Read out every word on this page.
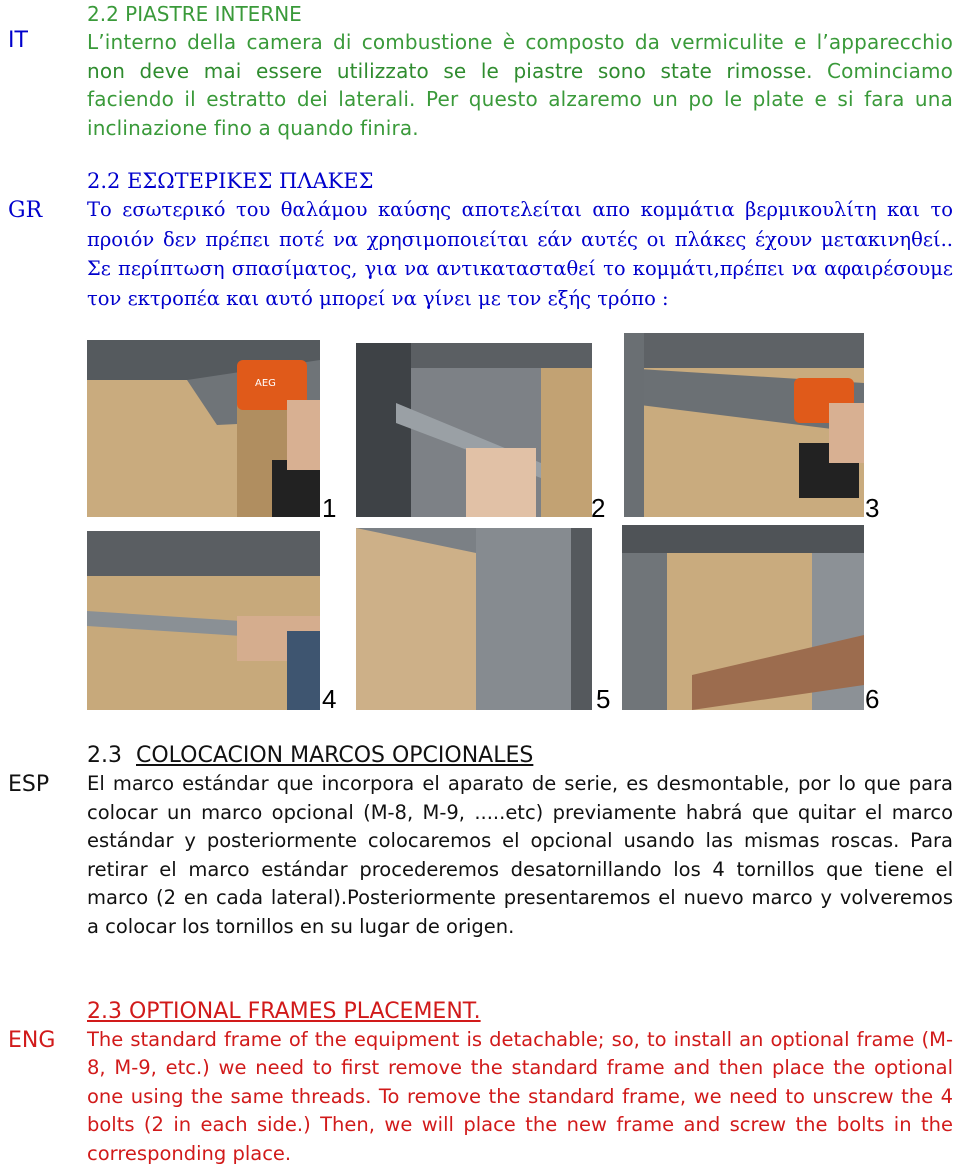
IT
2.2 PIASTRE INTERNE
L’interno della camera di combustione è composto da vermiculite e l’apparecchio non deve mai essere utilizzato se le piastre sono state rimosse. Cominciamo faciendo il estratto dei laterali. Per questo alzaremo un po le plate e si fara una inclinazione fino a quando finira.
GR
2.2 ΕΣΩΤΕΡΙΚΕΣ ΠΛΑΚΕΣ
Το εσωτερικό του θαλάμου καύσης αποτελείται απο κομμάτια βερμικουλίτη και το προιόν δεν πρέπει ποτέ να χρησιμοποιείται εάν αυτές οι πλάκες έχουν μετακινηθεί.. Σε περίπτωση σπασίματος, για να αντικατασταθεί το κομμάτι,πρέπει να αφαιρέσουμε τον εκτροπέα και αυτό μπορεί να γίνει με τον εξής τρόπο :
AEG
1	2	3
4	5	6
ESP
2.3 COLOCACION MARCOS OPCIONALES
El marco estándar que incorpora el aparato de serie, es desmontable, por lo que para colocar un marco opcional (M-8, M-9, .....etc) previamente habrá que quitar el marco estándar y posteriormente colocaremos el opcional usando las mismas roscas. Para retirar el marco estándar procederemos desatornillando los 4 tornillos que tiene el marco (2 en cada lateral).Posteriormente presentaremos el nuevo marco y volveremos a colocar los tornillos en su lugar de origen.
ENG
2.3 OPTIONAL FRAMES PLACEMENT.
The standard frame of the equipment is detachable; so, to install an optional frame (M-8, M-9, etc.) we need to first remove the standard frame and then place the optional one using the same threads. To remove the standard frame, we need to unscrew the 4 bolts (2 in each side.) Then, we will place the new frame and screw the bolts in the corresponding place.
